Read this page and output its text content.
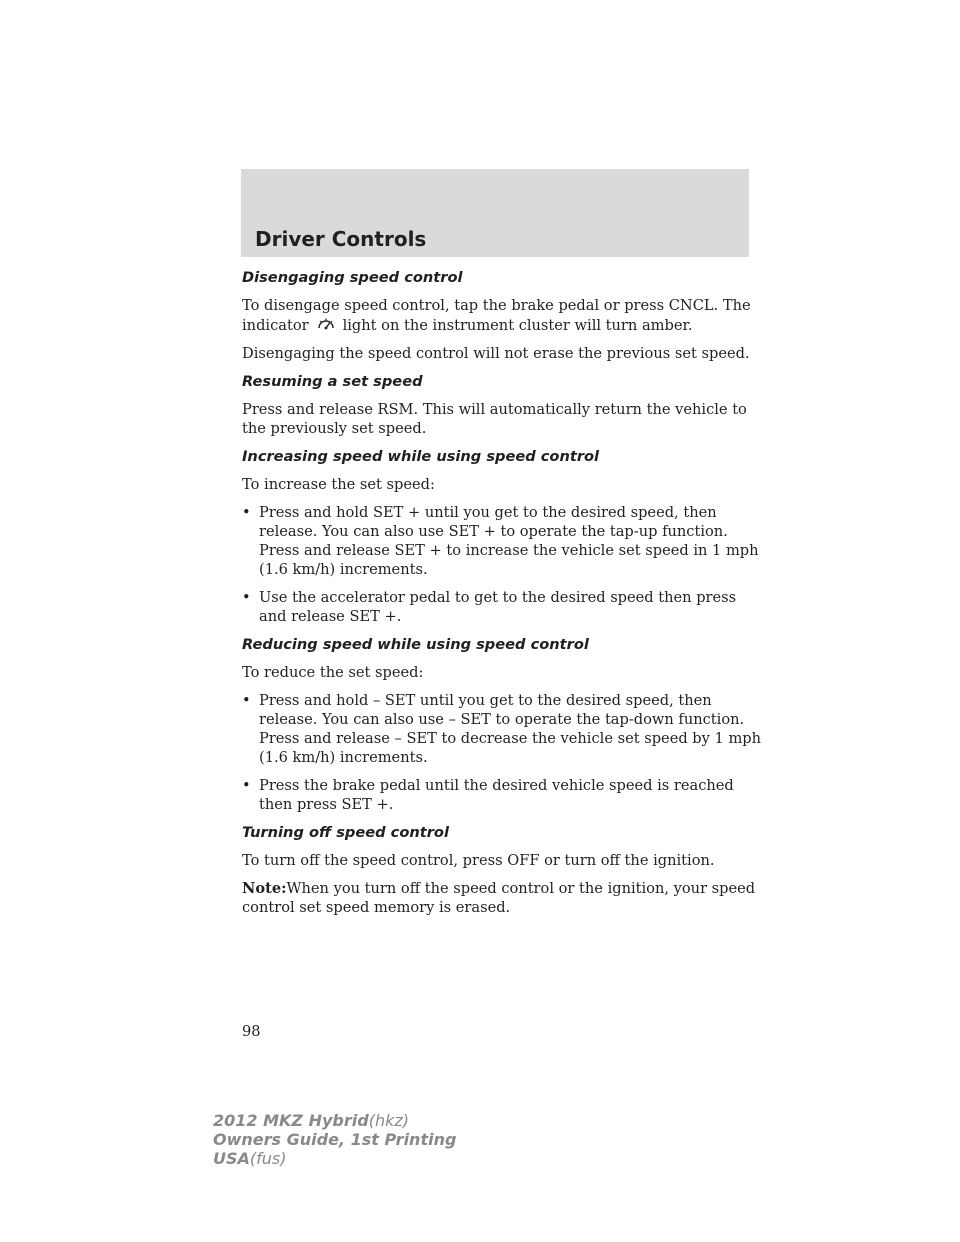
Driver Controls
Disengaging speed control

To disengage speed control, tap the brake pedal or press CNCL. The indicator light on the instrument cluster will turn amber.

Disengaging the speed control will not erase the previous set speed.

Resuming a set speed

Press and release RSM. This will automatically return the vehicle to the previously set speed.

Increasing speed while using speed control

To increase the set speed:

• Press and hold SET + until you get to the desired speed, then release. You can also use SET + to operate the tap-up function. Press and release SET + to increase the vehicle set speed in 1 mph (1.6 km/h) increments.
• Use the accelerator pedal to get to the desired speed then press and release SET +.
Reducing speed while using speed control

To reduce the set speed:

• Press and hold – SET until you get to the desired speed, then release. You can also use – SET to operate the tap-down function. Press and release – SET to decrease the vehicle set speed by 1 mph (1.6 km/h) increments.
• Press the brake pedal until the desired vehicle speed is reached then press SET +.
Turning off speed control

To turn off the speed control, press OFF or turn off the ignition.

Note:When you turn off the speed control or the ignition, your speed control set speed memory is erased.

98
2012 MKZ Hybrid(hkz)
Owners Guide, 1st Printing
USA(fus)
